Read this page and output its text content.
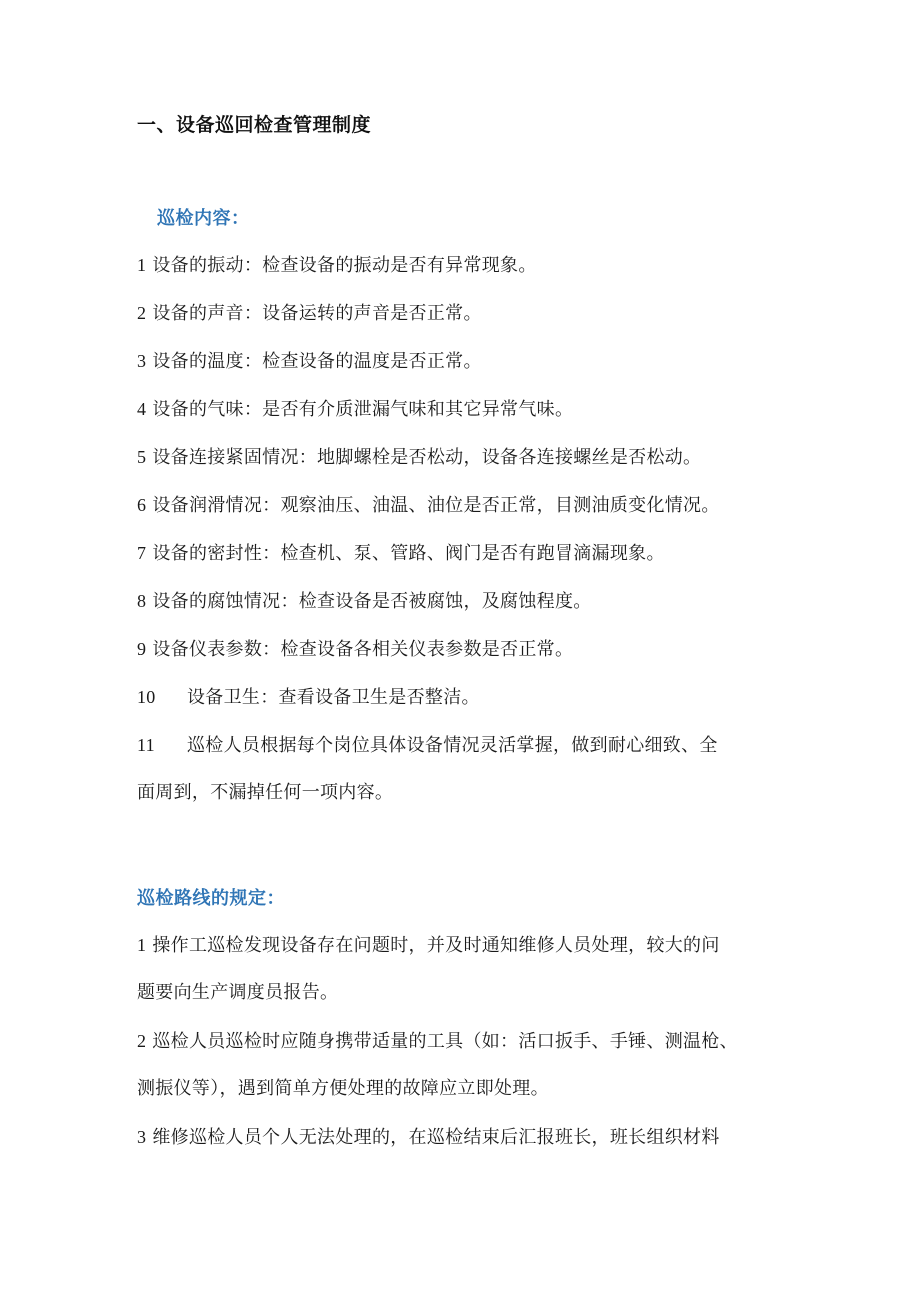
一、设备巡回检查管理制度
巡检内容：
1 设备的振动：检查设备的振动是否有异常现象。
2 设备的声音：设备运转的声音是否正常。
3 设备的温度：检查设备的温度是否正常。
4 设备的气味：是否有介质泄漏气味和其它异常气味。
5 设备连接紧固情况：地脚螺栓是否松动，设备各连接螺丝是否松动。
6 设备润滑情况：观察油压、油温、油位是否正常，目测油质变化情况。
7 设备的密封性：检查机、泵、管路、阀门是否有跑冒滴漏现象。
8 设备的腐蚀情况：检查设备是否被腐蚀，及腐蚀程度。
9 设备仪表参数：检查设备各相关仪表参数是否正常。
10 设备卫生：查看设备卫生是否整洁。
11 巡检人员根据每个岗位具体设备情况灵活掌握，做到耐心细致、全
面周到，不漏掉任何一项内容。
巡检路线的规定：
1 操作工巡检发现设备存在问题时，并及时通知维修人员处理，较大的问
题要向生产调度员报告。
2 巡检人员巡检时应随身携带适量的工具（如：活口扳手、手锤、测温枪、
测振仪等），遇到简单方便处理的故障应立即处理。
3 维修巡检人员个人无法处理的，在巡检结束后汇报班长，班长组织材料
